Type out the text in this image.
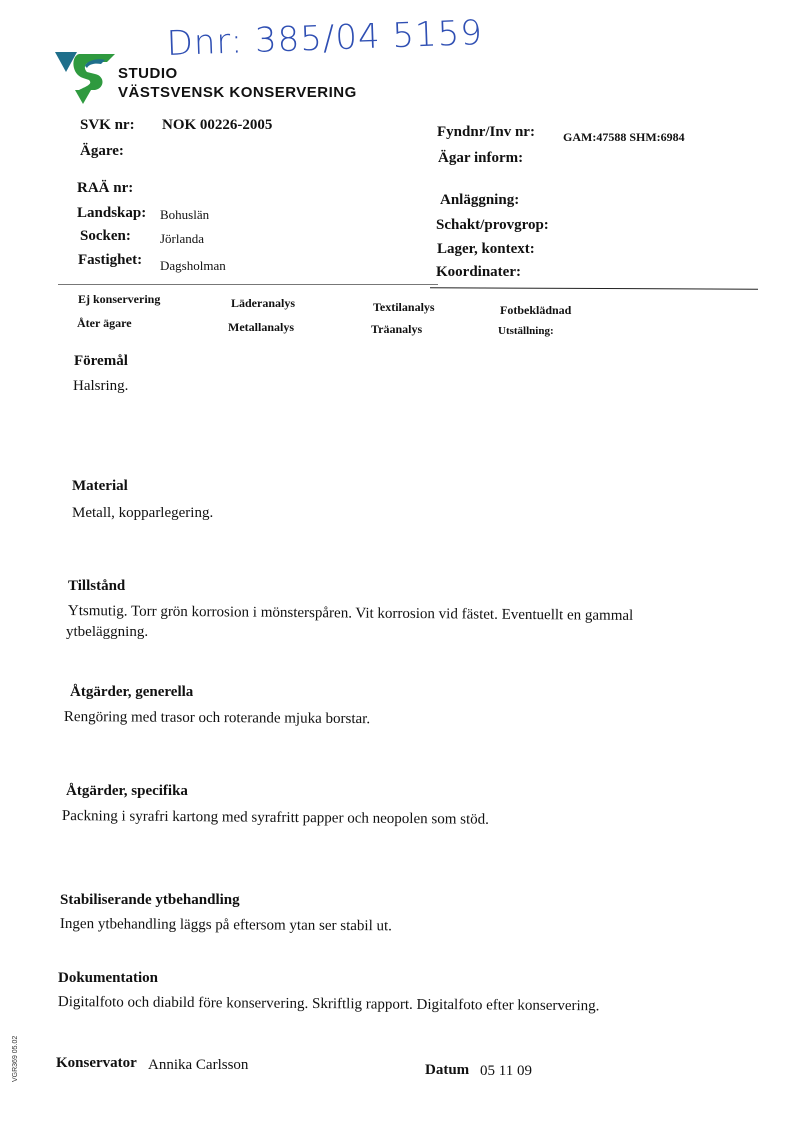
Dnr: 385/04 5159
STUDIO
VÄSTSVENSK KONSERVERING
SVK nr: NOK 00226-2005
Ägare:
RAÄ nr:
Landskap: Bohuslän
Socken: Jörlanda
Fastighet: Dagsholman
Fyndnr/Inv nr: GAM:47588 SHM:6984
Ägar inform:
Anläggning:
Schakt/provgrop:
Lager, kontext:
Koordinater:
Ej konservering	Läderanalys	Textilanalys	Fotbeklädnad
Åter ägare	Metallanalys	Träanalys	Utställning:
Föremål
Halsring.
Material
Metall, kopparlegering.
Tillstånd
Ytsmutig. Torr grön korrosion i mönsterspåren. Vit korrosion vid fästet. Eventuellt en gammal
ytbeläggning.
Åtgärder, generella
Rengöring med trasor och roterande mjuka borstar.
Åtgärder, specifika
Packning i syrafri kartong med syrafritt papper och neopolen som stöd.
Stabiliserande ytbehandling
Ingen ytbehandling läggs på eftersom ytan ser stabil ut.
Dokumentation
Digitalfoto och diabild före konservering. Skriftlig rapport. Digitalfoto efter konservering.
Konservator Annika Carlsson	Datum 05 11 09
VGR369 05.02
